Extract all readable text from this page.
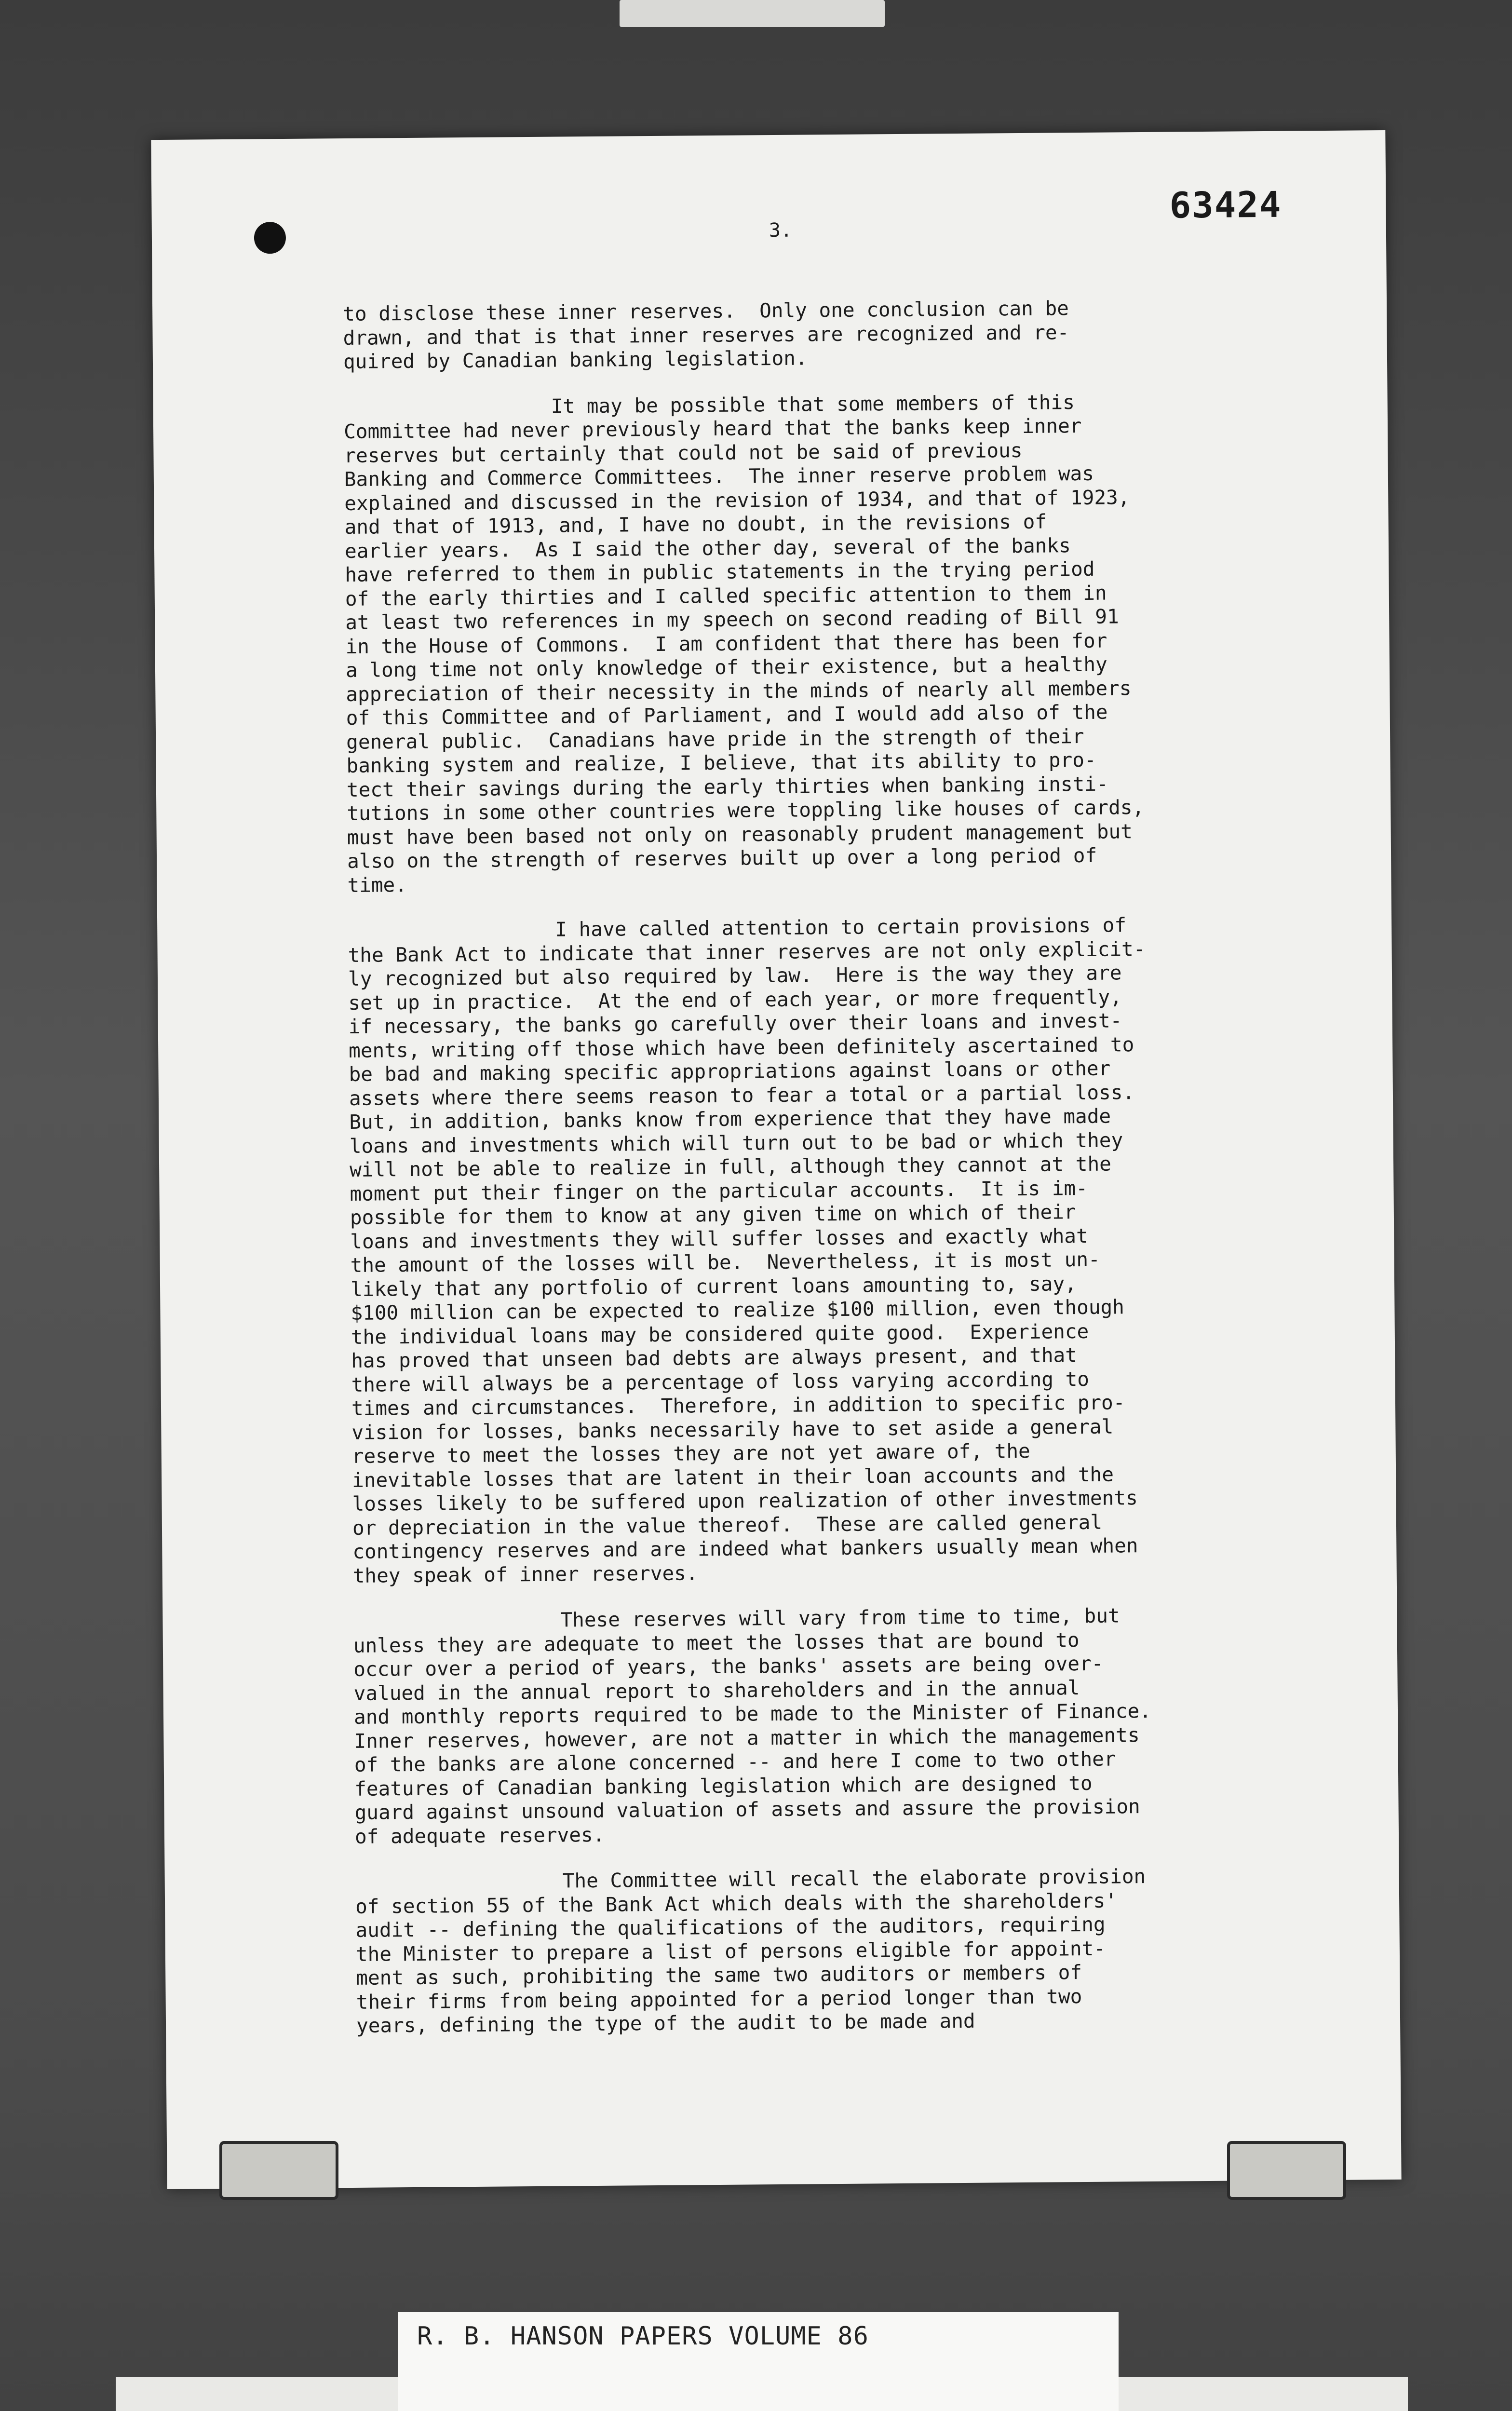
63424
3.
to disclose these inner reserves.  Only one conclusion can be
drawn, and that is that inner reserves are recognized and re-
quired by Canadian banking legislation.
It may be possible that some members of this
Committee had never previously heard that the banks keep inner
reserves but certainly that could not be said of previous
Banking and Commerce Committees.  The inner reserve problem was
explained and discussed in the revision of 1934, and that of 1923,
and that of 1913, and, I have no doubt, in the revisions of
earlier years.  As I said the other day, several of the banks
have referred to them in public statements in the trying period
of the early thirties and I called specific attention to them in
at least two references in my speech on second reading of Bill 91
in the House of Commons.  I am confident that there has been for
a long time not only knowledge of their existence, but a healthy
appreciation of their necessity in the minds of nearly all members
of this Committee and of Parliament, and I would add also of the
general public.  Canadians have pride in the strength of their
banking system and realize, I believe, that its ability to pro-
tect their savings during the early thirties when banking insti-
tutions in some other countries were toppling like houses of cards,
must have been based not only on reasonably prudent management but
also on the strength of reserves built up over a long period of
time.
I have called attention to certain provisions of
the Bank Act to indicate that inner reserves are not only explicit-
ly recognized but also required by law.  Here is the way they are
set up in practice.  At the end of each year, or more frequently,
if necessary, the banks go carefully over their loans and invest-
ments, writing off those which have been definitely ascertained to
be bad and making specific appropriations against loans or other
assets where there seems reason to fear a total or a partial loss.
But, in addition, banks know from experience that they have made
loans and investments which will turn out to be bad or which they
will not be able to realize in full, although they cannot at the
moment put their finger on the particular accounts.  It is im-
possible for them to know at any given time on which of their
loans and investments they will suffer losses and exactly what
the amount of the losses will be.  Nevertheless, it is most un-
likely that any portfolio of current loans amounting to, say,
$100 million can be expected to realize $100 million, even though
the individual loans may be considered quite good.  Experience
has proved that unseen bad debts are always present, and that
there will always be a percentage of loss varying according to
times and circumstances.  Therefore, in addition to specific pro-
vision for losses, banks necessarily have to set aside a general
reserve to meet the losses they are not yet aware of, the
inevitable losses that are latent in their loan accounts and the
losses likely to be suffered upon realization of other investments
or depreciation in the value thereof.  These are called general
contingency reserves and are indeed what bankers usually mean when
they speak of inner reserves.
These reserves will vary from time to time, but
unless they are adequate to meet the losses that are bound to
occur over a period of years, the banks' assets are being over-
valued in the annual report to shareholders and in the annual
and monthly reports required to be made to the Minister of Finance.
Inner reserves, however, are not a matter in which the managements
of the banks are alone concerned -- and here I come to two other
features of Canadian banking legislation which are designed to
guard against unsound valuation of assets and assure the provision
of adequate reserves.
The Committee will recall the elaborate provision
of section 55 of the Bank Act which deals with the shareholders'
audit -- defining the qualifications of the auditors, requiring
the Minister to prepare a list of persons eligible for appoint-
ment as such, prohibiting the same two auditors or members of
their firms from being appointed for a period longer than two
years, defining the type of the audit to be made and
R. B. HANSON PAPERS VOLUME 86
